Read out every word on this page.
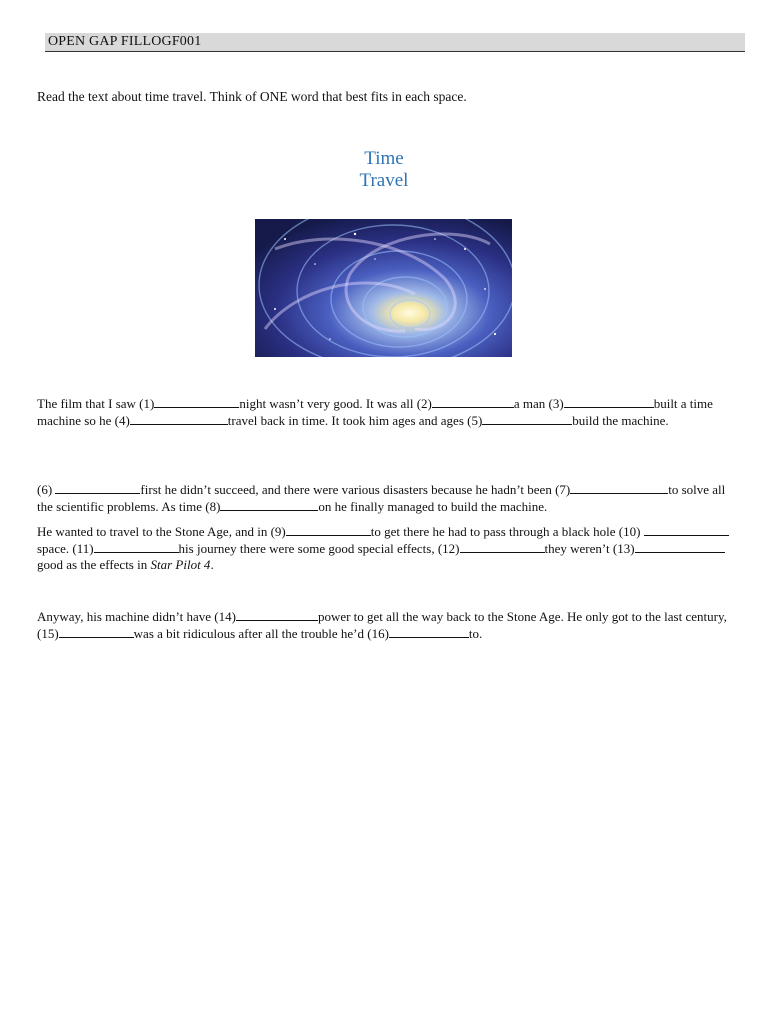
OPEN GAP FILLOGF001
Read the text about time travel. Think of ONE word that best fits in each space.
Time
Travel

The film that I saw (1)	night wasn’t very good. It was all (2)	a man (3)	built a time machine so he (4)	travel back in time. It took him ages and ages (5)	build the machine.

(6)	first he didn’t succeed, and there were various disasters because he hadn’t been (7)	to solve all the scientific problems. As time (8)	on he finally managed to build the machine.

He wanted to travel to the Stone Age, and in (9)	to get there he had to pass through a black hole (10) space. (11)	his journey there were some good special effects, (12)	they weren’t (13)good as the effects in Star Pilot 4.

Anyway, his machine didn’t have (14)	power to get all the way back to the Stone Age. He only got to the last century,(15)	was a bit ridiculous after all the trouble he’d (16)	to.
